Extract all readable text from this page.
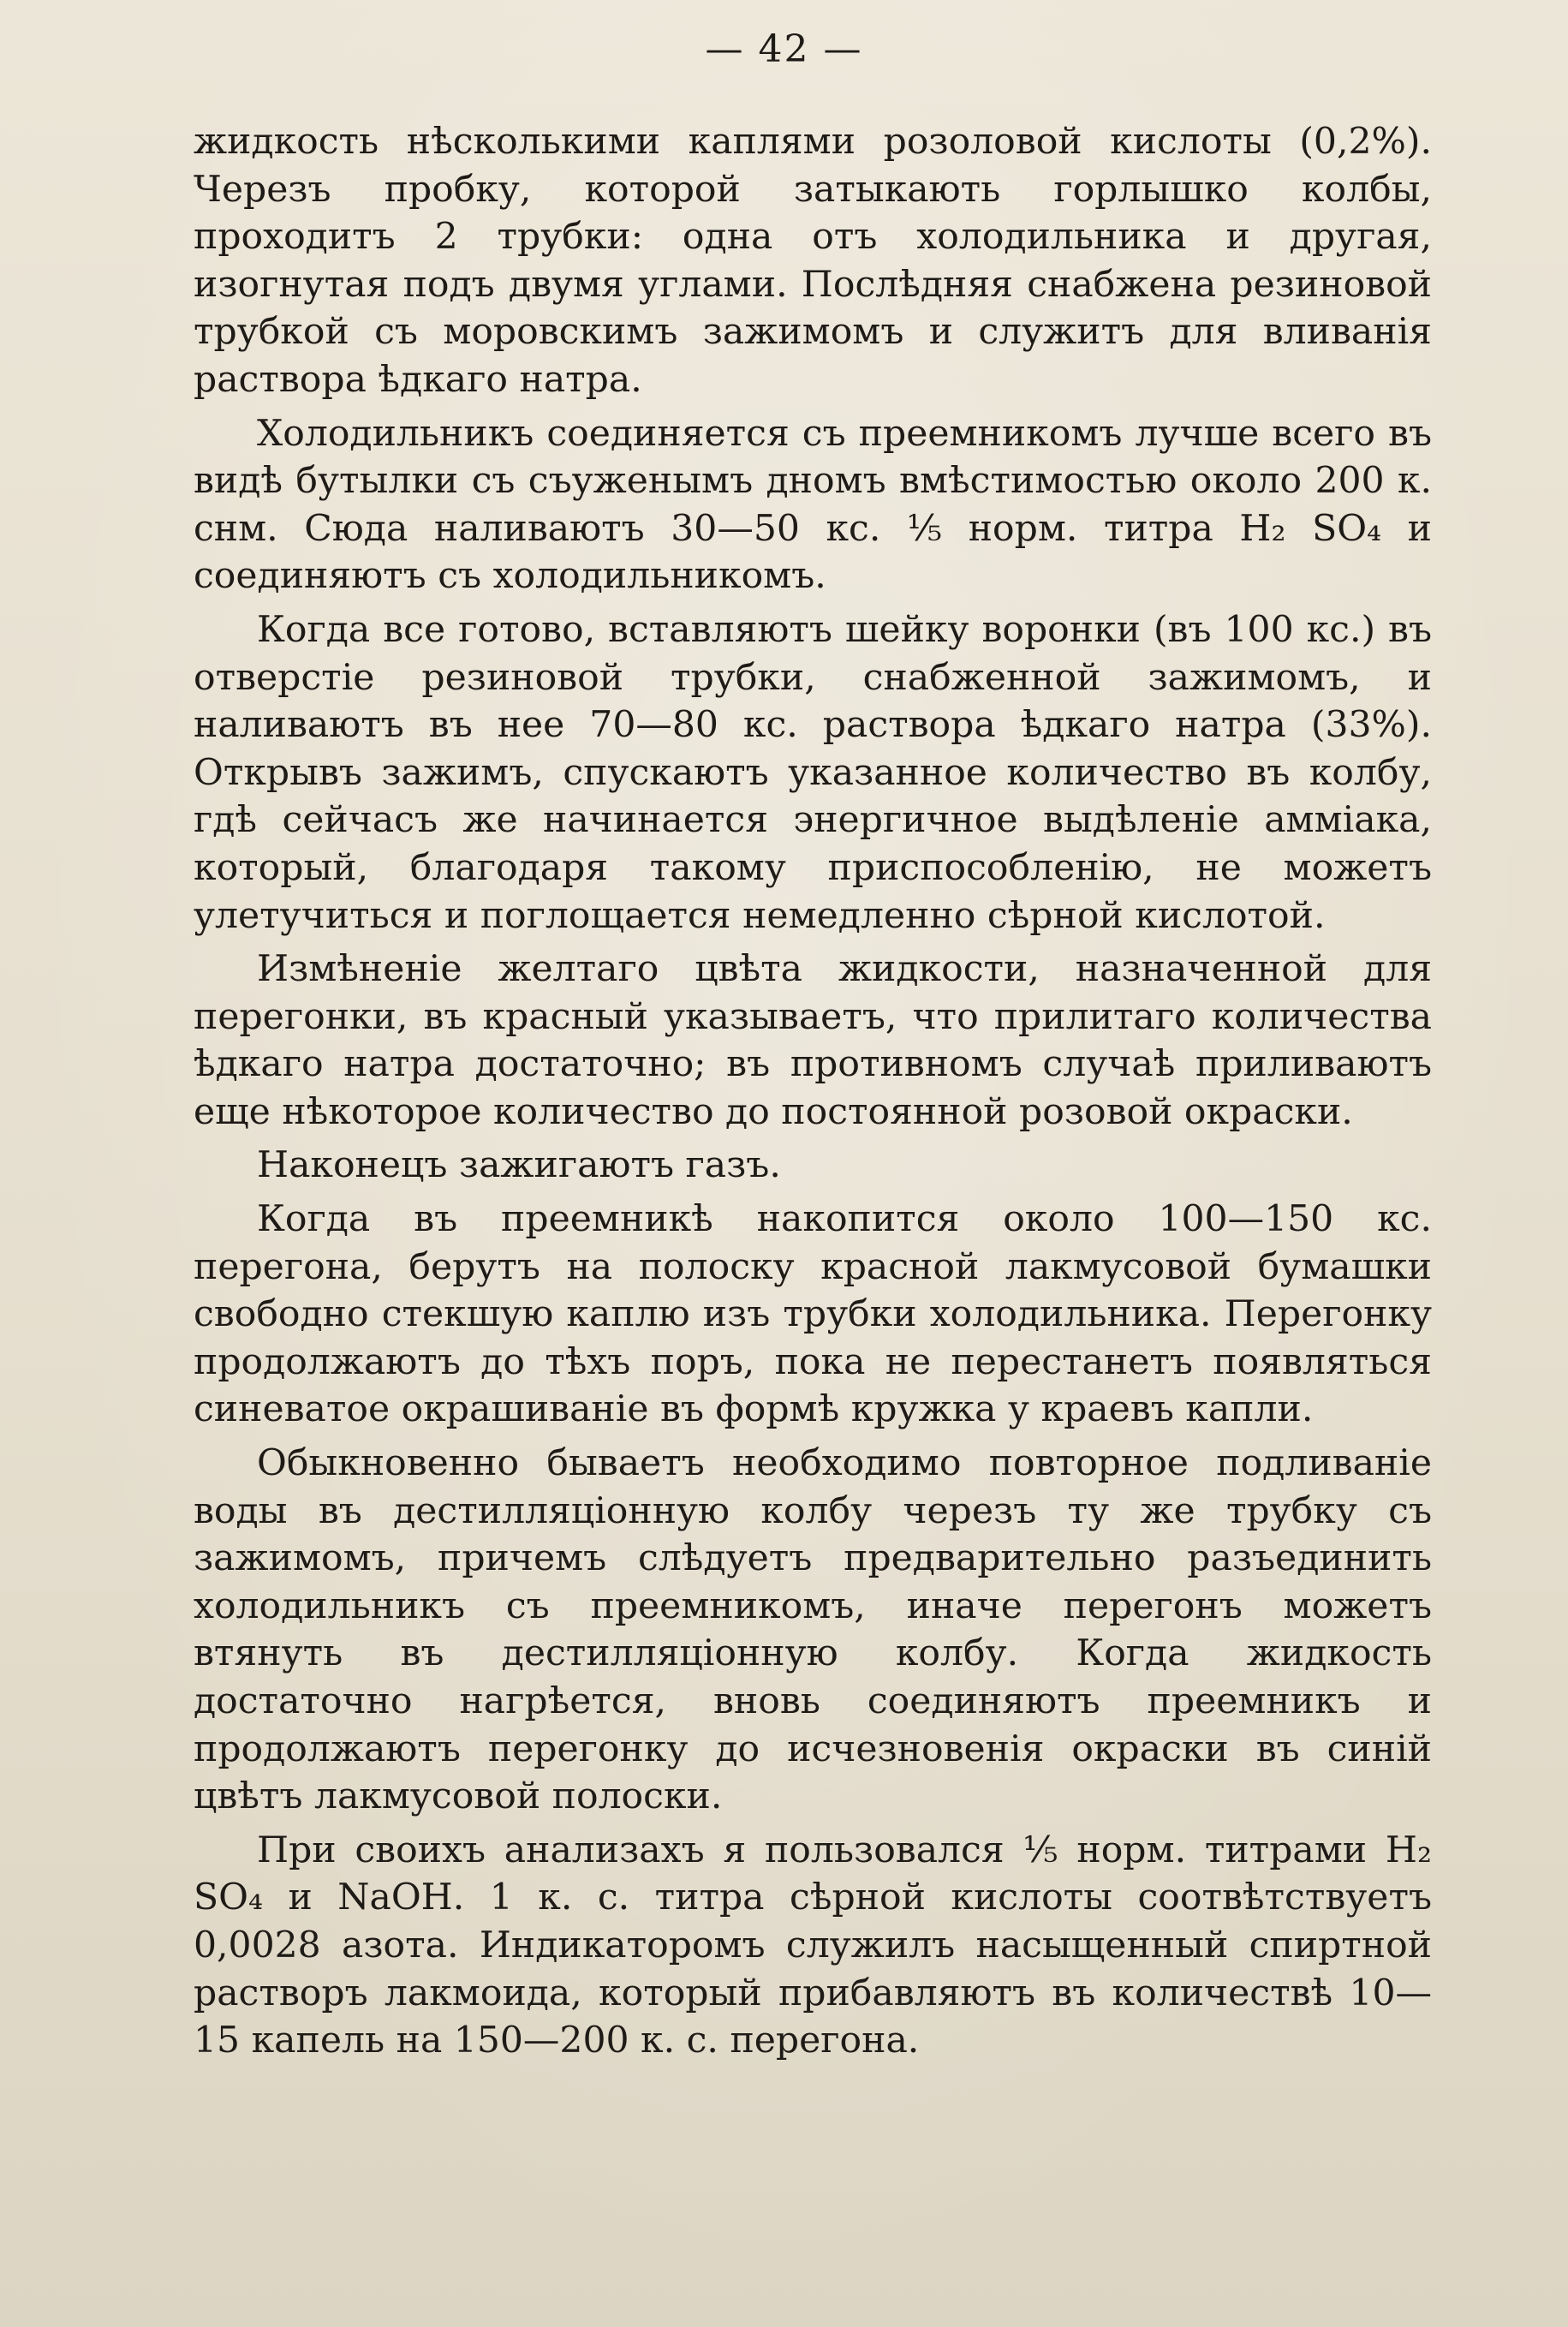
— 42 —

жидкость нѣсколькими каплями розоловой кислоты (0,2%). Черезъ пробку, которой затыкають горлышко колбы, проходитъ 2 трубки: одна отъ холодильника и другая, изогнутая подъ двумя углами. Послѣдняя снабжена резиновой трубкой съ моровскимъ зажимомъ и служитъ для вливанія раствора ѣдкаго натра.

Холодильникъ соединяется съ преемникомъ лучше всего въ видѣ бутылки съ съуженымъ дномъ вмѣстимостью около 200 к. снм. Сюда наливаютъ 30—50 кс. ⅕ норм. титра H₂ SO₄ и соединяютъ съ холодильникомъ.

Когда все готово, вставляютъ шейку воронки (въ 100 кс.) въ отверстіе резиновой трубки, снабженной зажимомъ, и наливаютъ въ нее 70—80 кс. раствора ѣдкаго натра (33%). Открывъ зажимъ, спускаютъ указанное количество въ колбу, гдѣ сейчасъ же начинается энергичное выдѣленіе амміака, который, благодаря такому приспособленію, не можетъ улетучиться и поглощается немедленно сѣрной кислотой.

Измѣненіе желтаго цвѣта жидкости, назначенной для перегонки, въ красный указываетъ, что прилитаго количества ѣдкаго натра достаточно; въ противномъ случаѣ приливаютъ еще нѣкоторое количество до постоянной розовой окраски.

Наконецъ зажигаютъ газъ.

Когда въ преемникѣ накопится около 100—150 кс. перегона, берутъ на полоску красной лакмусовой бумашки свободно стекшую каплю изъ трубки холодильника. Перегонку продолжаютъ до тѣхъ поръ, пока не перестанетъ появляться синеватое окрашиваніе въ формѣ кружка у краевъ капли.

Обыкновенно бываетъ необходимо повторное подливаніе воды въ дестилляціонную колбу черезъ ту же трубку съ зажимомъ, причемъ слѣдуетъ предварительно разъединить холодильникъ съ преемникомъ, иначе перегонъ можетъ втянуть въ дестилляціонную колбу. Когда жидкость достаточно нагрѣется, вновь соединяютъ преемникъ и продолжаютъ перегонку до исчезновенія окраски въ синій цвѣтъ лакмусовой полоски.

При своихъ анализахъ я пользовался ⅕ норм. титрами H₂ SO₄ и NaOH. 1 к. с. титра сѣрной кислоты соотвѣтствуетъ 0,0028 азота. Индикаторомъ служилъ насыщенный спиртной растворъ лакмоида, который прибавляютъ въ количествѣ 10—15 капель на 150—200 к. с. перегона.
